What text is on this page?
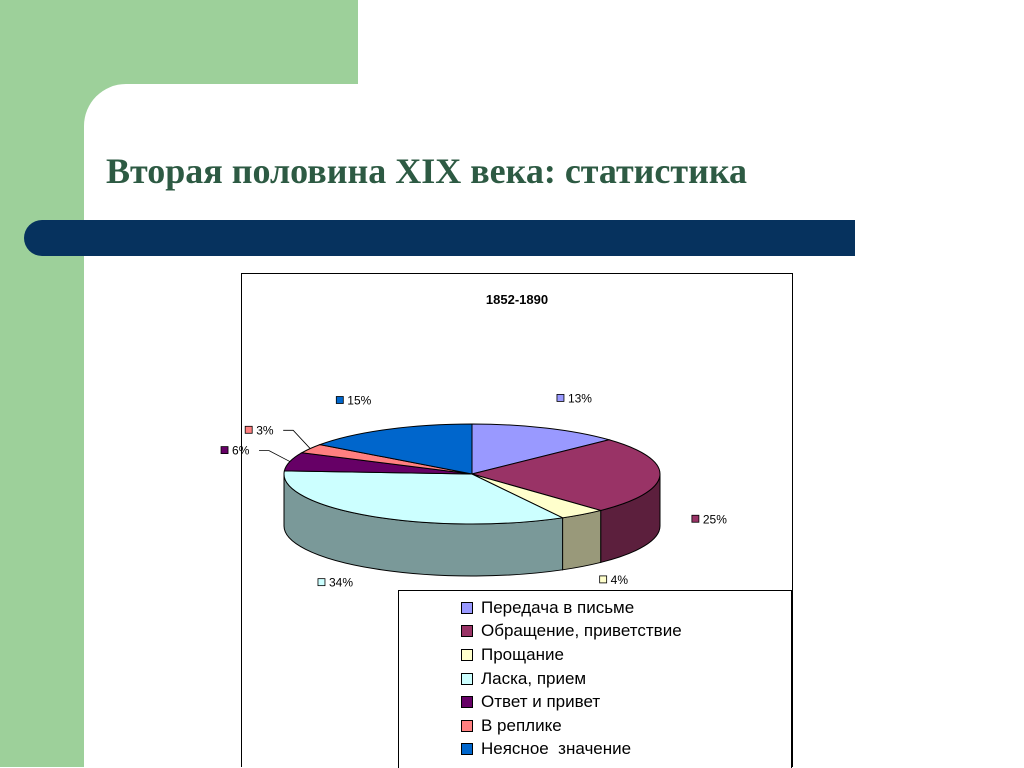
Вторая половина XIX века: статистика
13%
25%
4%
34%
6%
3%
15%
1852-1890
Передача в письме
Обращение, приветствие
Прощание
Ласка, прием
Ответ и привет
В реплике
Неясное  значение
